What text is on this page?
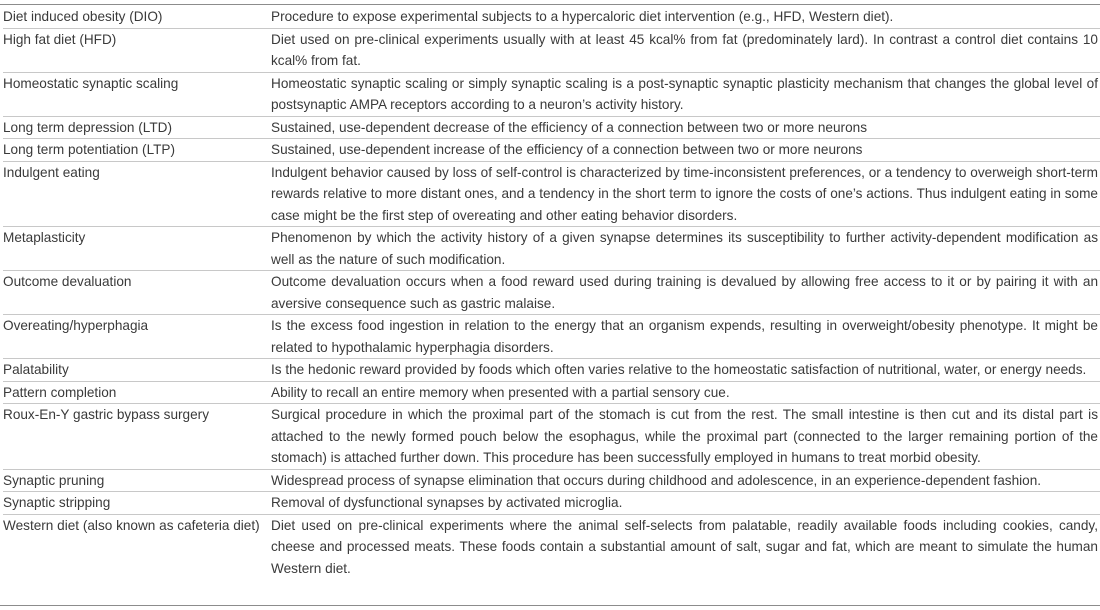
Diet induced obesity (DIO)	Procedure to expose experimental subjects to a hypercaloric diet intervention (e.g., HFD, Western diet).
High fat diet (HFD)	Diet used on pre-clinical experiments usually with at least 45 kcal% from fat (predominately lard). In contrast a control diet contains 10 kcal% from fat.
Homeostatic synaptic scaling	Homeostatic synaptic scaling or simply synaptic scaling is a post-synaptic synaptic plasticity mechanism that changes the global level of postsynaptic AMPA receptors according to a neuron’s activity history.
Long term depression (LTD)	Sustained, use-dependent decrease of the efficiency of a connection between two or more neurons
Long term potentiation (LTP)	Sustained, use-dependent increase of the efficiency of a connection between two or more neurons
Indulgent eating	Indulgent behavior caused by loss of self-control is characterized by time-inconsistent preferences, or a tendency to overweigh short-term rewards relative to more distant ones, and a tendency in the short term to ignore the costs of one’s actions. Thus indulgent eating in some case might be the first step of overeating and other eating behavior disorders.
Metaplasticity	Phenomenon by which the activity history of a given synapse determines its susceptibility to further activity-dependent modification as well as the nature of such modification.
Outcome devaluation	Outcome devaluation occurs when a food reward used during training is devalued by allowing free access to it or by pairing it with an aversive consequence such as gastric malaise.
Overeating/hyperphagia	Is the excess food ingestion in relation to the energy that an organism expends, resulting in overweight/obesity phenotype. It might be related to hypothalamic hyperphagia disorders.
Palatability	Is the hedonic reward provided by foods which often varies relative to the homeostatic satisfaction of nutritional, water, or energy needs.
Pattern completion	Ability to recall an entire memory when presented with a partial sensory cue.
Roux-En-Y gastric bypass surgery	Surgical procedure in which the proximal part of the stomach is cut from the rest. The small intestine is then cut and its distal part is attached to the newly formed pouch below the esophagus, while the proximal part (connected to the larger remaining portion of the stomach) is attached further down. This procedure has been successfully employed in humans to treat morbid obesity.
Synaptic pruning	Widespread process of synapse elimination that occurs during childhood and adolescence, in an experience-dependent fashion.
Synaptic stripping	Removal of dysfunctional synapses by activated microglia.
Western diet (also known as cafeteria diet)	Diet used on pre-clinical experiments where the animal self-selects from palatable, readily available foods including cookies, candy, cheese and processed meats. These foods contain a substantial amount of salt, sugar and fat, which are meant to simulate the human Western diet.
